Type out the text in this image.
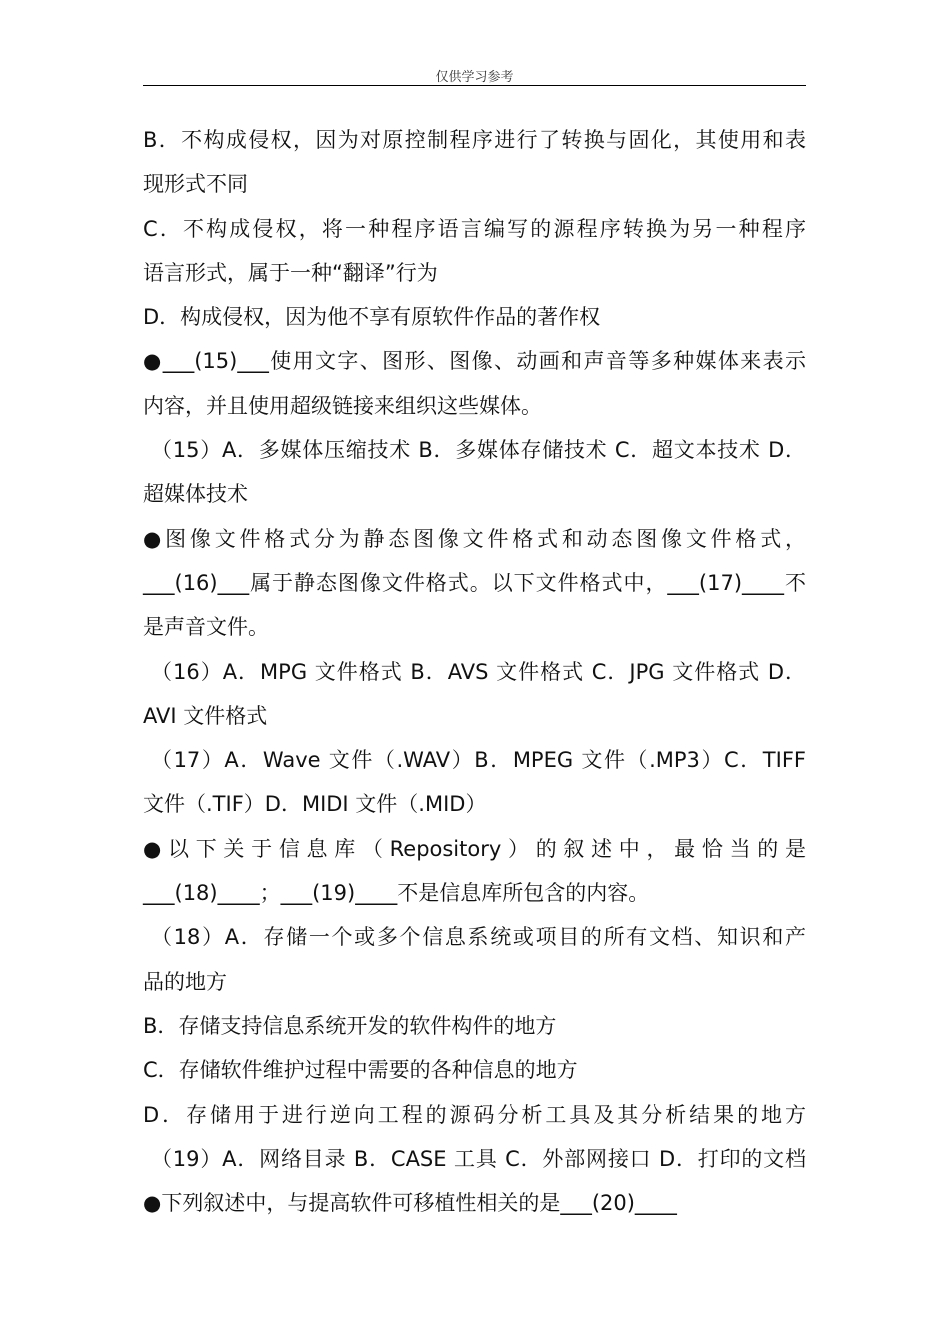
仅供学习参考

B．不构成侵权，因为对原控制程序进行了转换与固化，其使用和表

现形式不同

C．不构成侵权，将一种程序语言编写的源程序转换为另一种程序

语言形式，属于一种“翻译”行为

D．构成侵权，因为他不享有原软件作品的著作权

●___(15)___使用文字、图形、图像、动画和声音等多种媒体来表示

内容，并且使用超级链接来组织这些媒体。

（15）A．多媒体压缩技术 B．多媒体存储技术 C．超文本技术 D．

超媒体技术

●图像文件格式分为静态图像文件格式和动态图像文件格式，

___(16)___属于静态图像文件格式。以下文件格式中，___(17)____不

是声音文件。

（16）A．MPG 文件格式 B．AVS 文件格式 C．JPG 文件格式 D．

AVI 文件格式

（17）A．Wave 文件（.WAV）B．MPEG 文件（.MP3）C．TIFF

文件（.TIF）D．MIDI 文件（.MID）

●以下关于信息库（Repository）的叙述中，最恰当的是

___(18)____；___(19)____不是信息库所包含的内容。

（18）A．存储一个或多个信息系统或项目的所有文档、知识和产

品的地方

B．存储支持信息系统开发的软件构件的地方

C．存储软件维护过程中需要的各种信息的地方

D．存储用于进行逆向工程的源码分析工具及其分析结果的地方

（19）A．网络目录 B．CASE 工具 C．外部网接口 D．打印的文档

●下列叙述中，与提高软件可移植性相关的是___(20)____
